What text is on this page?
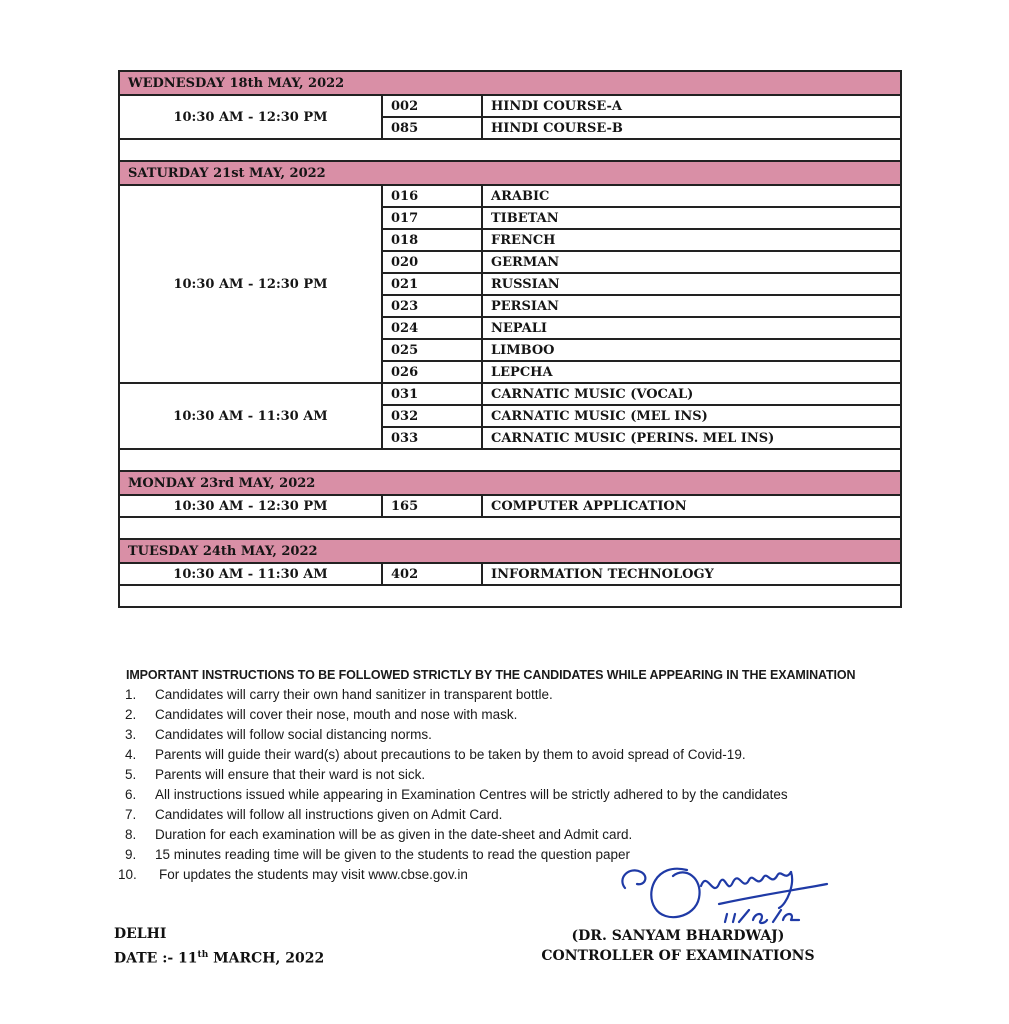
WEDNESDAY 18th MAY, 2022		
10:30 AM - 12:30 PM	002	HINDI COURSE-A
	085	HINDI COURSE-B

SATURDAY 21st MAY, 2022		
10:30 AM - 12:30 PM	016	ARABIC
	017	TIBETAN
	018	FRENCH
	020	GERMAN
	021	RUSSIAN
	023	PERSIAN
	024	NEPALI
	025	LIMBOO
	026	LEPCHA
10:30 AM - 11:30 AM	031	CARNATIC MUSIC (VOCAL)
	032	CARNATIC MUSIC (MEL INS)
	033	CARNATIC MUSIC (PERINS. MEL INS)

MONDAY 23rd MAY, 2022		
10:30 AM - 12:30 PM	165	COMPUTER APPLICATION

TUESDAY 24th MAY, 2022		
10:30 AM - 11:30 AM	402	INFORMATION TECHNOLOGY

IMPORTANT INSTRUCTIONS TO BE FOLLOWED STRICTLY BY THE CANDIDATES WHILE APPEARING IN THE EXAMINATION
1. Candidates will carry their own hand sanitizer in transparent bottle.
2. Candidates will cover their nose, mouth and nose with mask.
3. Candidates will follow social distancing norms.
4. Parents will guide their ward(s) about precautions to be taken by them to avoid spread of Covid-19.
5. Parents will ensure that their ward is not sick.
6. All instructions issued while appearing in Examination Centres will be strictly adhered to by the candidates
7. Candidates will follow all instructions given on Admit Card.
8. Duration for each examination will be as given in the date-sheet and Admit card.
9. 15 minutes reading time will be given to the students to read the question paper
10. For updates the students may visit www.cbse.gov.in
DELHI
DATE :- 11th MARCH, 2022
(DR. SANYAM BHARDWAJ)
CONTROLLER OF EXAMINATIONS
